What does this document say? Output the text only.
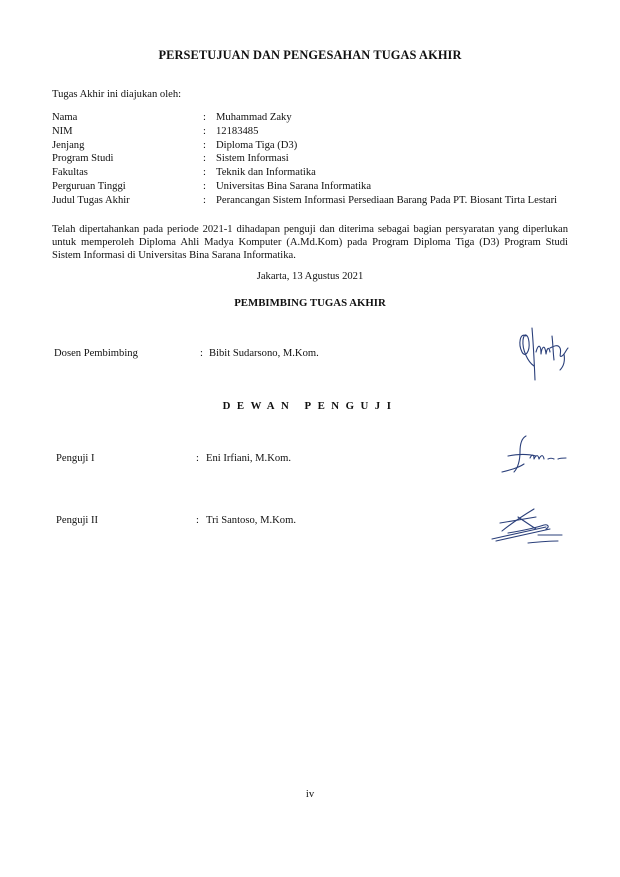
PERSETUJUAN DAN PENGESAHAN TUGAS AKHIR
Tugas Akhir ini diajukan oleh:
Nama	:	Muhammad Zaky
NIM	:	12183485
Jenjang	:	Diploma Tiga (D3)
Program Studi	:	Sistem Informasi
Fakultas	:	Teknik dan Informatika
Perguruan Tinggi	:	Universitas Bina Sarana Informatika
Judul Tugas Akhir	:	Perancangan Sistem Informasi Persediaan Barang Pada PT. Biosant Tirta Lestari
Telah dipertahankan pada periode 2021-1 dihadapan penguji dan diterima sebagai bagian persyaratan yang diperlukan untuk memperoleh Diploma Ahli Madya Komputer (A.Md.Kom) pada Program Diploma Tiga (D3) Program Studi Sistem Informasi di Universitas Bina Sarana Informatika.
Jakarta, 13 Agustus 2021
PEMBIMBING TUGAS AKHIR
Dosen Pembimbing	: Bibit Sudarsono, M.Kom.
DEWAN PENGUJI
Penguji I	: Eni Irfiani, M.Kom.
Penguji II	: Tri Santoso, M.Kom.
iv
